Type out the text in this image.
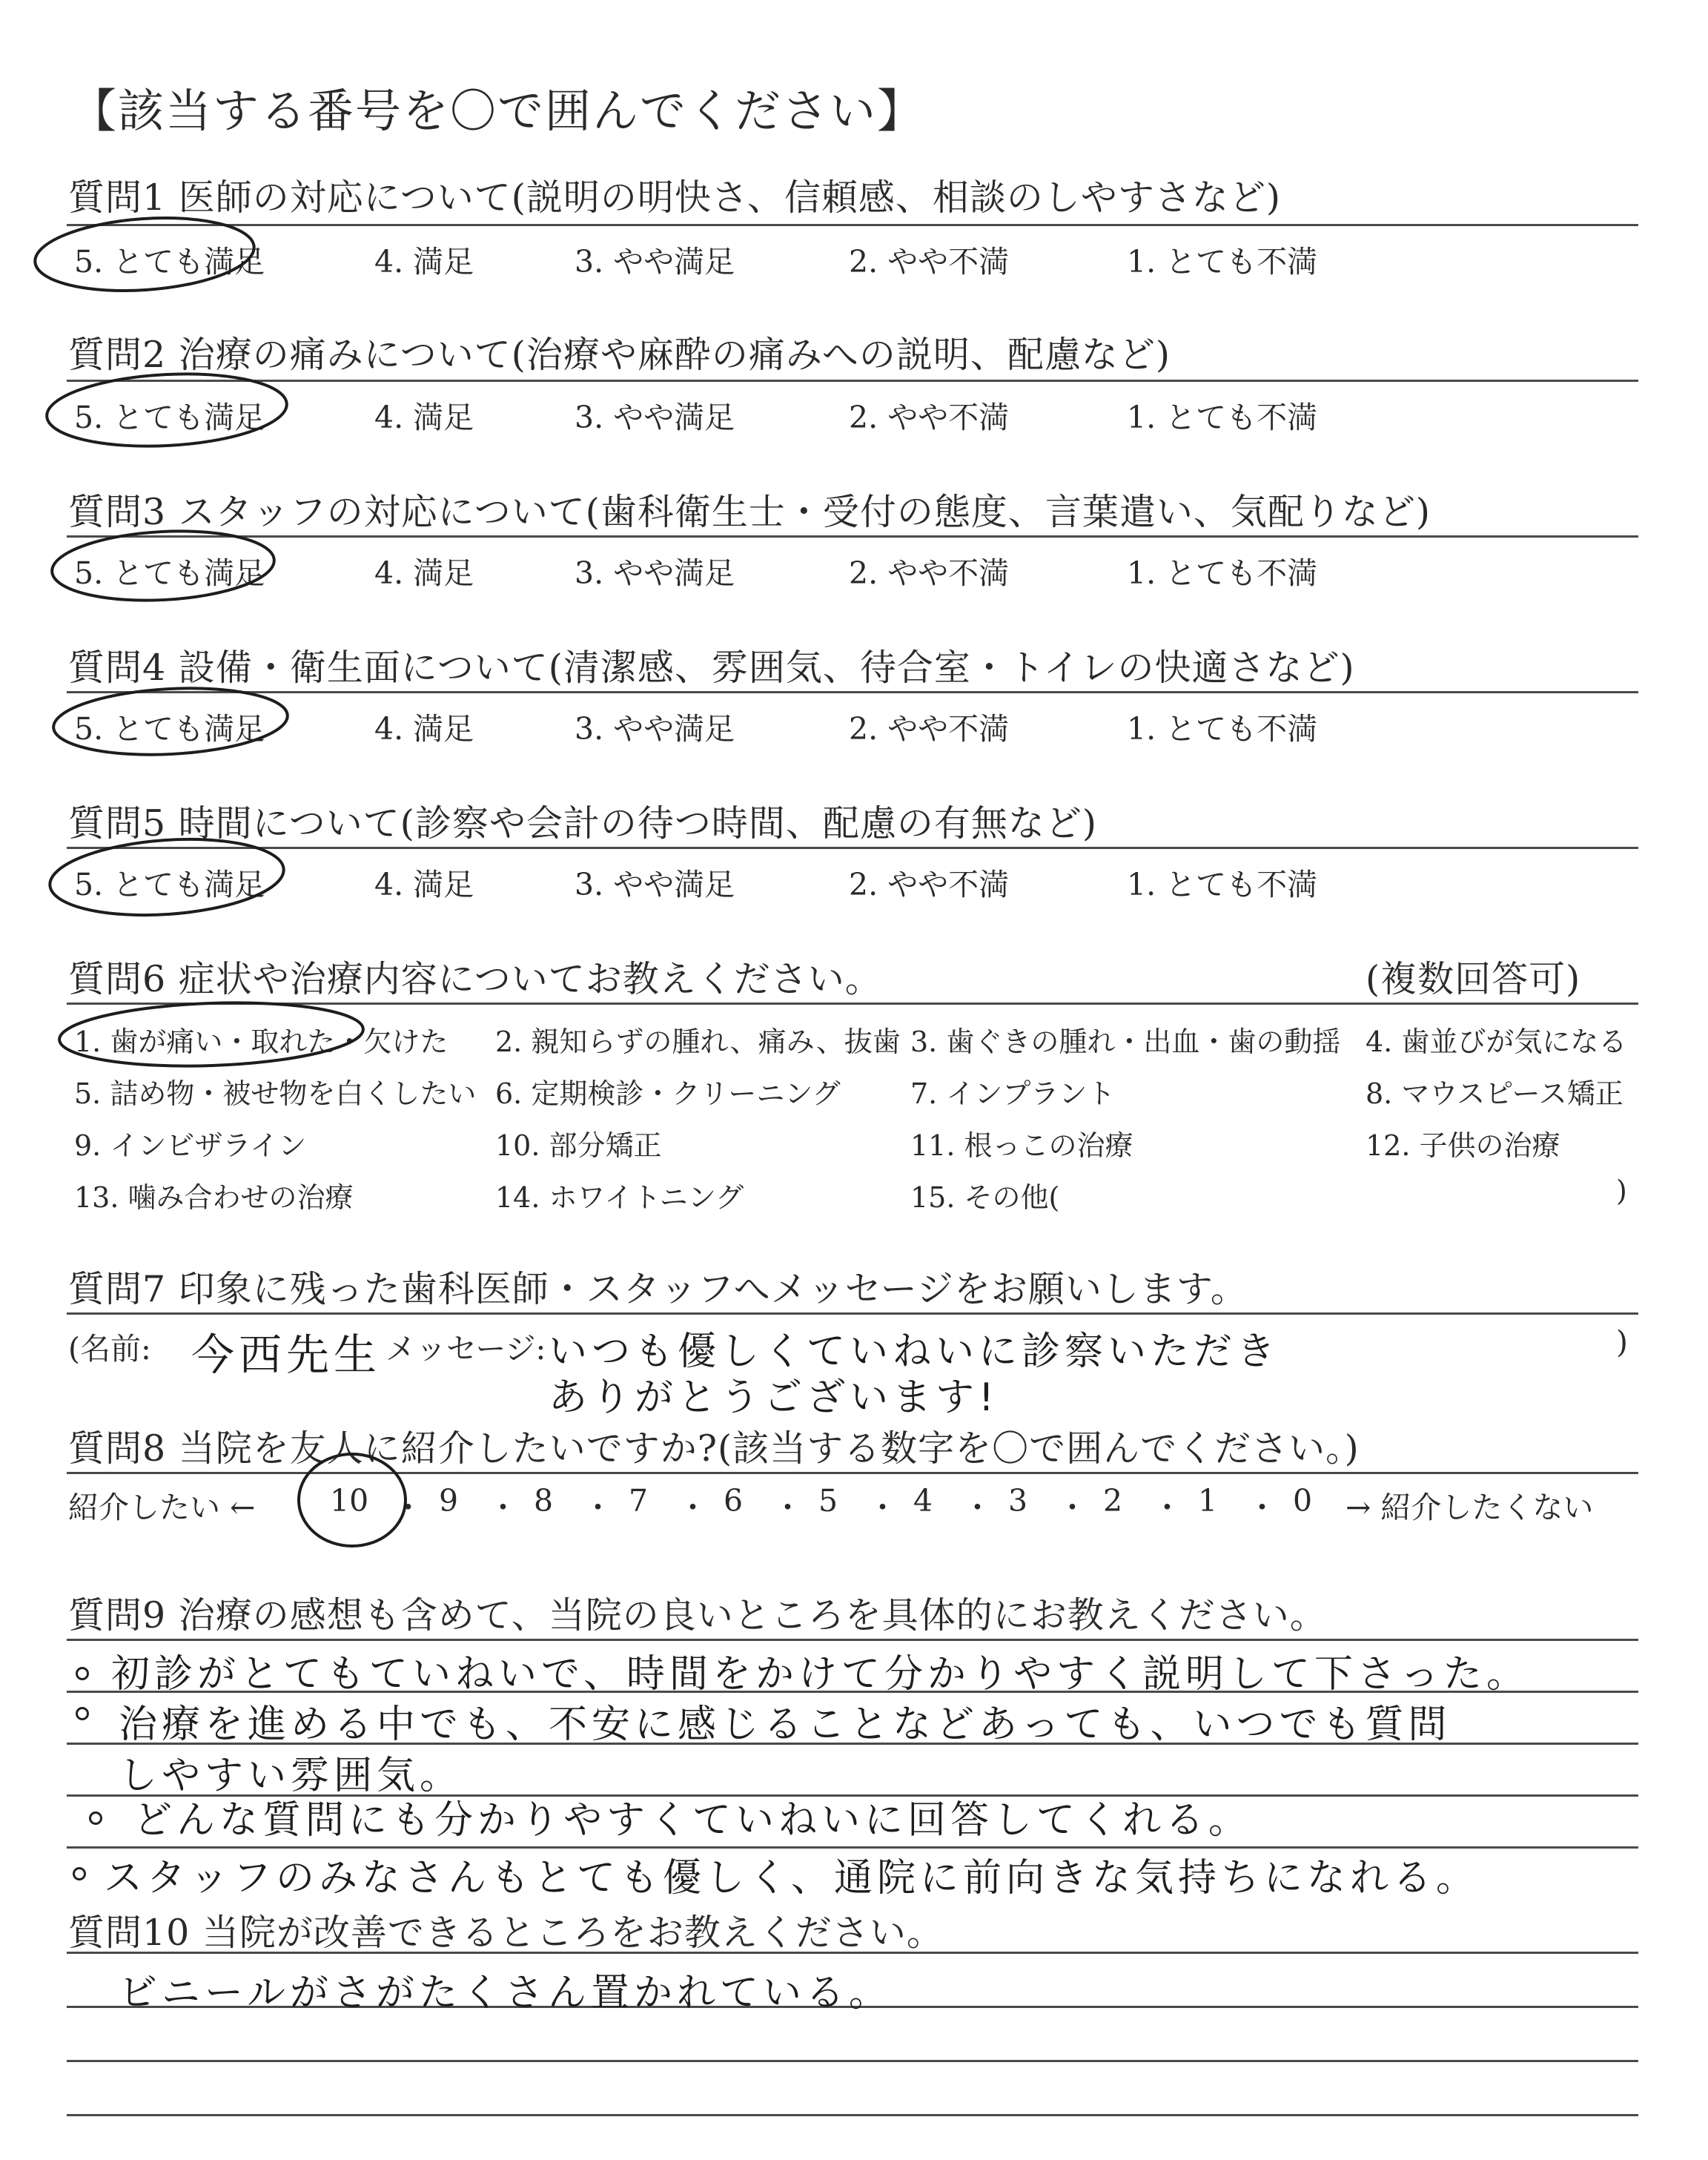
【該当する番号を〇で囲んでください】
質問1 医師の対応について(説明の明快さ、信頼感、相談のしやすさなど)
5. とても満足	4. 満足	3. やや満足	2. やや不満	1. とても不満
質問2 治療の痛みについて(治療や麻酔の痛みへの説明、配慮など)
5. とても満足	4. 満足	3. やや満足	2. やや不満	1. とても不満
質問3 スタッフの対応について(歯科衛生士・受付の態度、言葉遣い、気配りなど)
5. とても満足	4. 満足	3. やや満足	2. やや不満	1. とても不満
質問4 設備・衛生面について(清潔感、雰囲気、待合室・トイレの快適さなど)
5. とても満足	4. 満足	3. やや満足	2. やや不満	1. とても不満
質問5 時間について(診察や会計の待つ時間、配慮の有無など)
5. とても満足	4. 満足	3. やや満足	2. やや不満	1. とても不満
質問6 症状や治療内容についてお教えください。	(複数回答可)
1. 歯が痛い・取れた・欠けた 2. 親知らずの腫れ、痛み、抜歯 3. 歯ぐきの腫れ・出血・歯の動揺 4. 歯並びが気になる
5. 詰め物・被せ物を白くしたい 6. 定期検診・クリーニング 7. インプラント	8. マウスピース矯正
9. インビザライン	10. 部分矯正	11. 根っこの治療	12. 子供の治療
13. 噛み合わせの治療	14. ホワイトニング	15. その他(	)
質問7 印象に残った歯科医師・スタッフへメッセージをお願いします。
(名前: 今西先生 メッセージ: いつも優しくていねいに診察いただき
ありがとうございます!
)
質問8 当院を友人に紹介したいですか?(該当する数字を〇で囲んでください。)
紹介したい ← 10 ・ 9 ・ 8 ・ 7 ・ 6 ・ 5 ・ 4 ・ 3 ・ 2 ・ 1 ・ 0 → 紹介したくない
質問9 治療の感想も含めて、当院の良いところを具体的にお教えください。
初診がとてもていねいで、時間をかけて分かりやすく説明して下さった。
治療を進める中でも、不安に感じることなどあっても、いつでも質問
しやすい雰囲気。
どんな質問にも分かりやすくていねいに回答してくれる。
スタッフのみなさんもとても優しく、通院に前向きな気持ちになれる。
質問10 当院が改善できるところをお教えください。
ビニールがさがたくさん置かれている。
